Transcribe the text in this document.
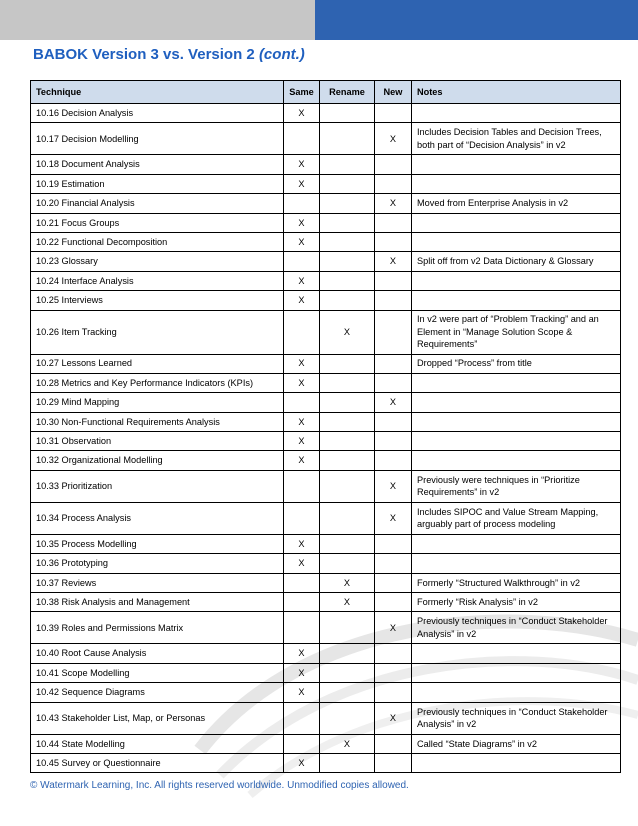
BABOK Version 3 vs. Version 2 (cont.)
Technique	Same	Rename	New	Notes
10.16 Decision Analysis	X			
10.17 Decision Modelling			X	Includes Decision Tables and Decision Trees, both part of “Decision Analysis” in v2
10.18 Document Analysis	X			
10.19 Estimation	X			
10.20 Financial Analysis			X	Moved from Enterprise Analysis in v2
10.21 Focus Groups	X			
10.22 Functional Decomposition	X			
10.23 Glossary			X	Split off from v2 Data Dictionary & Glossary
10.24 Interface Analysis	X			
10.25 Interviews	X			
10.26 Item Tracking		X		In v2 were part of “Problem Tracking” and an Element in “Manage Solution Scope & Requirements”
10.27 Lessons Learned	X			Dropped “Process” from title
10.28 Metrics and Key Performance Indicators (KPIs)	X			
10.29 Mind Mapping			X	
10.30 Non-Functional Requirements Analysis	X			
10.31 Observation	X			
10.32 Organizational Modelling	X			
10.33 Prioritization			X	Previously were techniques in “Prioritize Requirements” in v2
10.34 Process Analysis			X	Includes SIPOC and Value Stream Mapping, arguably part of process modeling
10.35 Process Modelling	X			
10.36 Prototyping	X			
10.37 Reviews		X		Formerly “Structured Walkthrough” in v2
10.38 Risk Analysis and Management		X		Formerly “Risk Analysis” in v2
10.39 Roles and Permissions Matrix			X	Previously techniques in “Conduct Stakeholder Analysis” in v2
10.40 Root Cause Analysis	X			
10.41 Scope Modelling	X			
10.42 Sequence Diagrams	X			
10.43 Stakeholder List, Map, or Personas			X	Previously techniques in “Conduct Stakeholder Analysis” in v2
10.44 State Modelling		X		Called “State Diagrams” in v2
10.45 Survey or Questionnaire	X			

© Watermark Learning, Inc. All rights reserved worldwide. Unmodified copies allowed.
